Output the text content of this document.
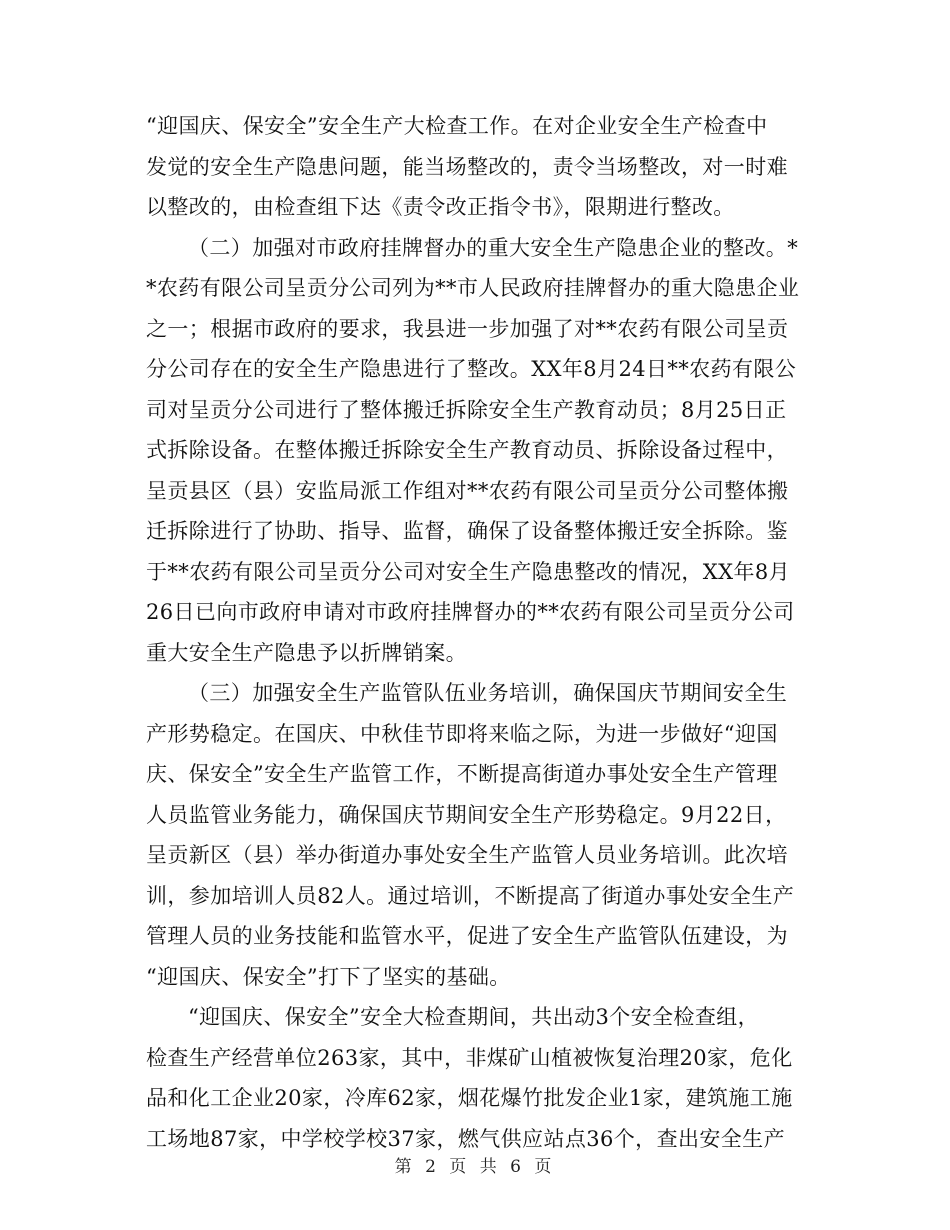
“迎国庆、保安全”安全生产大检查工作。在对企业安全生产检查中
发觉的安全生产隐患问题，能当场整改的，责令当场整改，对一时难
以整改的，由检查组下达《责令改正指令书》，限期进行整改。
（二）加强对市政府挂牌督办的重大安全生产隐患企业的整改。*
*农药有限公司呈贡分公司列为**市人民政府挂牌督办的重大隐患企业
之一；根据市政府的要求，我县进一步加强了对**农药有限公司呈贡
分公司存在的安全生产隐患进行了整改。XX年8月24日**农药有限公
司对呈贡分公司进行了整体搬迁拆除安全生产教育动员；8月25日正
式拆除设备。在整体搬迁拆除安全生产教育动员、拆除设备过程中，
呈贡县区（县）安监局派工作组对**农药有限公司呈贡分公司整体搬
迁拆除进行了协助、指导、监督，确保了设备整体搬迁安全拆除。鉴
于**农药有限公司呈贡分公司对安全生产隐患整改的情况，XX年8月
26日已向市政府申请对市政府挂牌督办的**农药有限公司呈贡分公司
重大安全生产隐患予以折牌销案。
（三）加强安全生产监管队伍业务培训，确保国庆节期间安全生
产形势稳定。在国庆、中秋佳节即将来临之际，为进一步做好“迎国
庆、保安全”安全生产监管工作，不断提高街道办事处安全生产管理
人员监管业务能力，确保国庆节期间安全生产形势稳定。9月22日，
呈贡新区（县）举办街道办事处安全生产监管人员业务培训。此次培
训，参加培训人员82人。通过培训，不断提高了街道办事处安全生产
管理人员的业务技能和监管水平，促进了安全生产监管队伍建设，为
“迎国庆、保安全”打下了坚实的基础。
“迎国庆、保安全”安全大检查期间，共出动3个安全检查组，
检查生产经营单位263家，其中，非煤矿山植被恢复治理20家，危化
品和化工企业20家，冷库62家，烟花爆竹批发企业1家，建筑施工施
工场地87家，中学校学校37家，燃气供应站点36个，查出安全生产
第 2 页 共 6 页
